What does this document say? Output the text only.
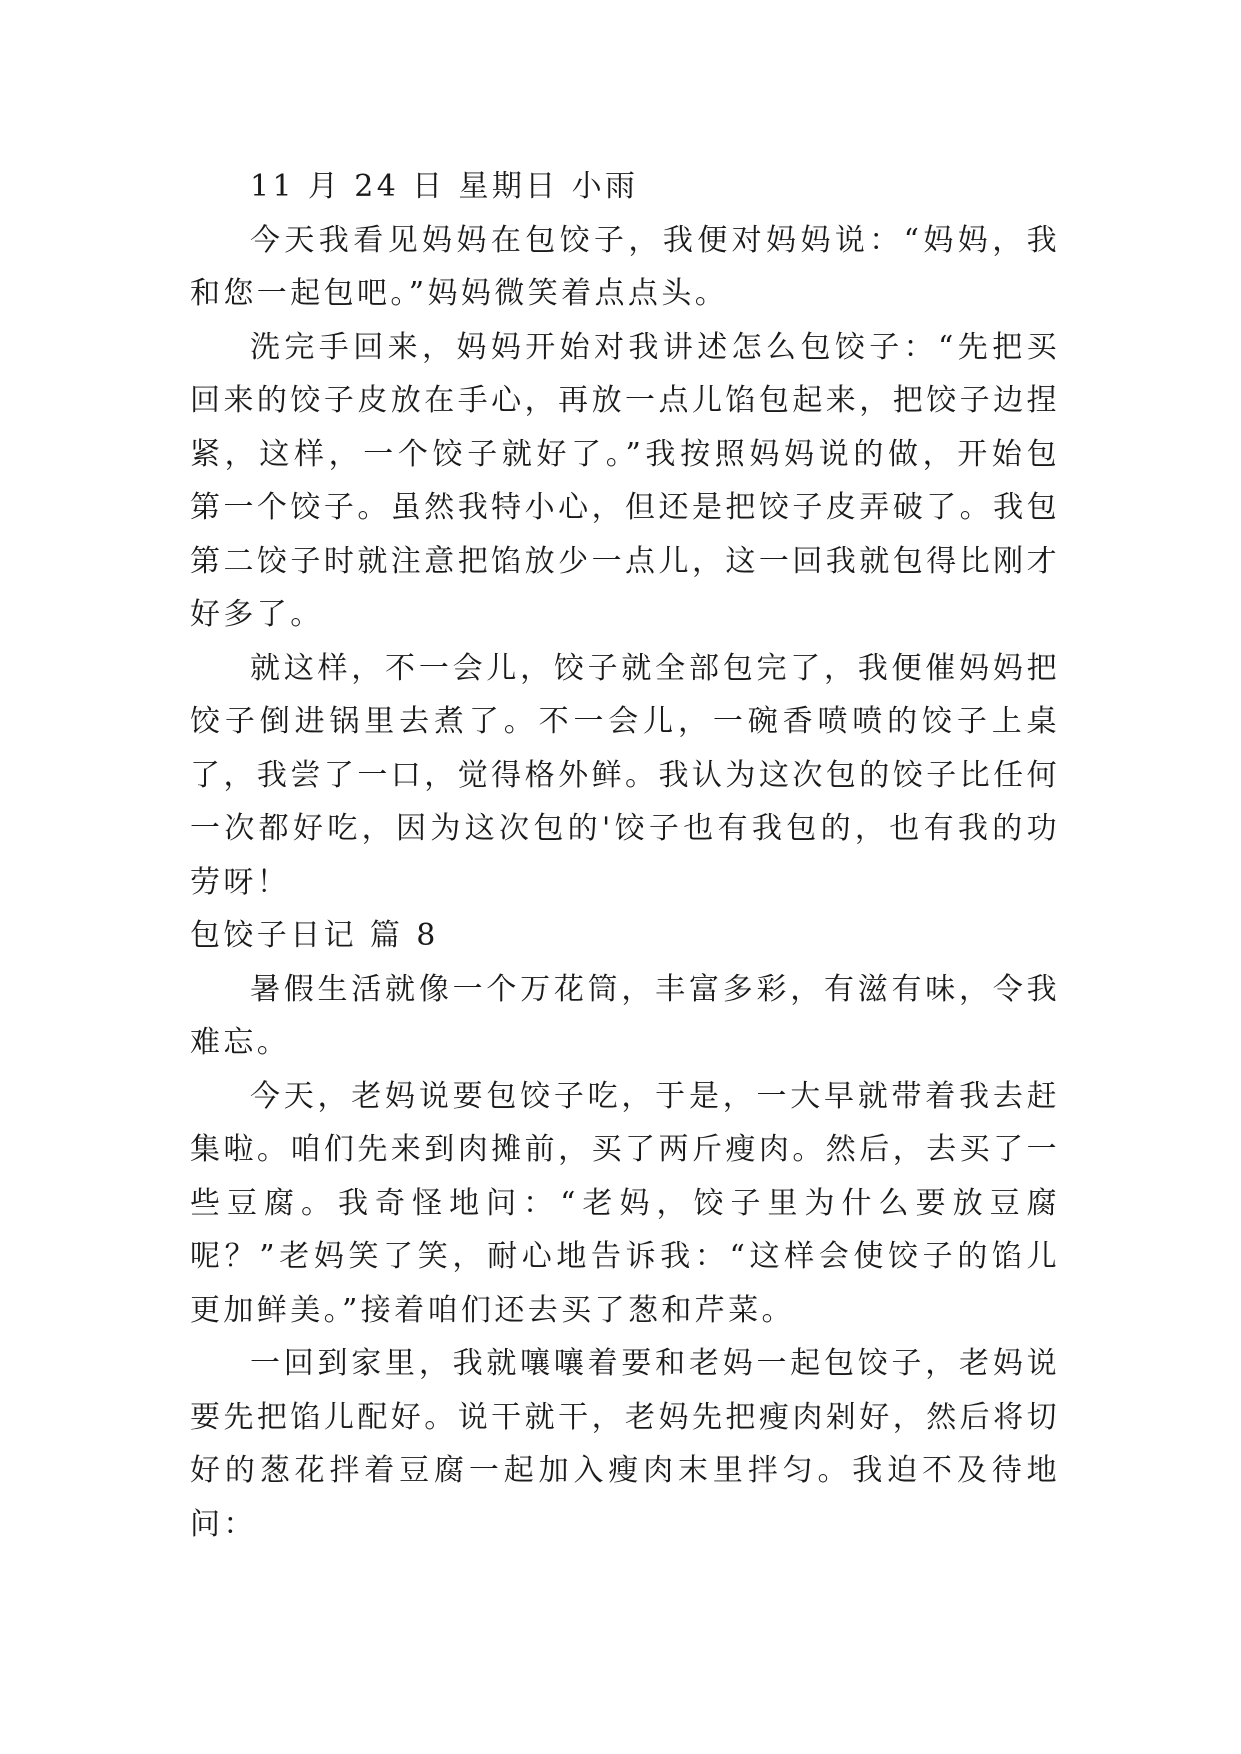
11 月 24 日 星期日 小雨

今天我看见妈妈在包饺子，我便对妈妈说：“妈妈，我和您一起包吧。”妈妈微笑着点点头。

洗完手回来，妈妈开始对我讲述怎么包饺子：“先把买回来的饺子皮放在手心，再放一点儿馅包起来，把饺子边捏紧，这样，一个饺子就好了。”我按照妈妈说的做，开始包第一个饺子。虽然我特小心，但还是把饺子皮弄破了。我包第二饺子时就注意把馅放少一点儿，这一回我就包得比刚才好多了。

就这样，不一会儿，饺子就全部包完了，我便催妈妈把饺子倒进锅里去煮了。不一会儿，一碗香喷喷的饺子上桌了，我尝了一口，觉得格外鲜。我认为这次包的饺子比任何一次都好吃，因为这次包的'饺子也有我包的，也有我的功劳呀！

包饺子日记 篇 8

暑假生活就像一个万花筒，丰富多彩，有滋有味，令我难忘。

今天，老妈说要包饺子吃，于是，一大早就带着我去赶集啦。咱们先来到肉摊前，买了两斤瘦肉。然后，去买了一些豆腐。我奇怪地问：“老妈，饺子里为什么要放豆腐呢？”老妈笑了笑，耐心地告诉我：“这样会使饺子的馅儿更加鲜美。”接着咱们还去买了葱和芹菜。

一回到家里，我就嚷嚷着要和老妈一起包饺子，老妈说要先把馅儿配好。说干就干，老妈先把瘦肉剁好，然后将切好的葱花拌着豆腐一起加入瘦肉末里拌匀。我迫不及待地问：
